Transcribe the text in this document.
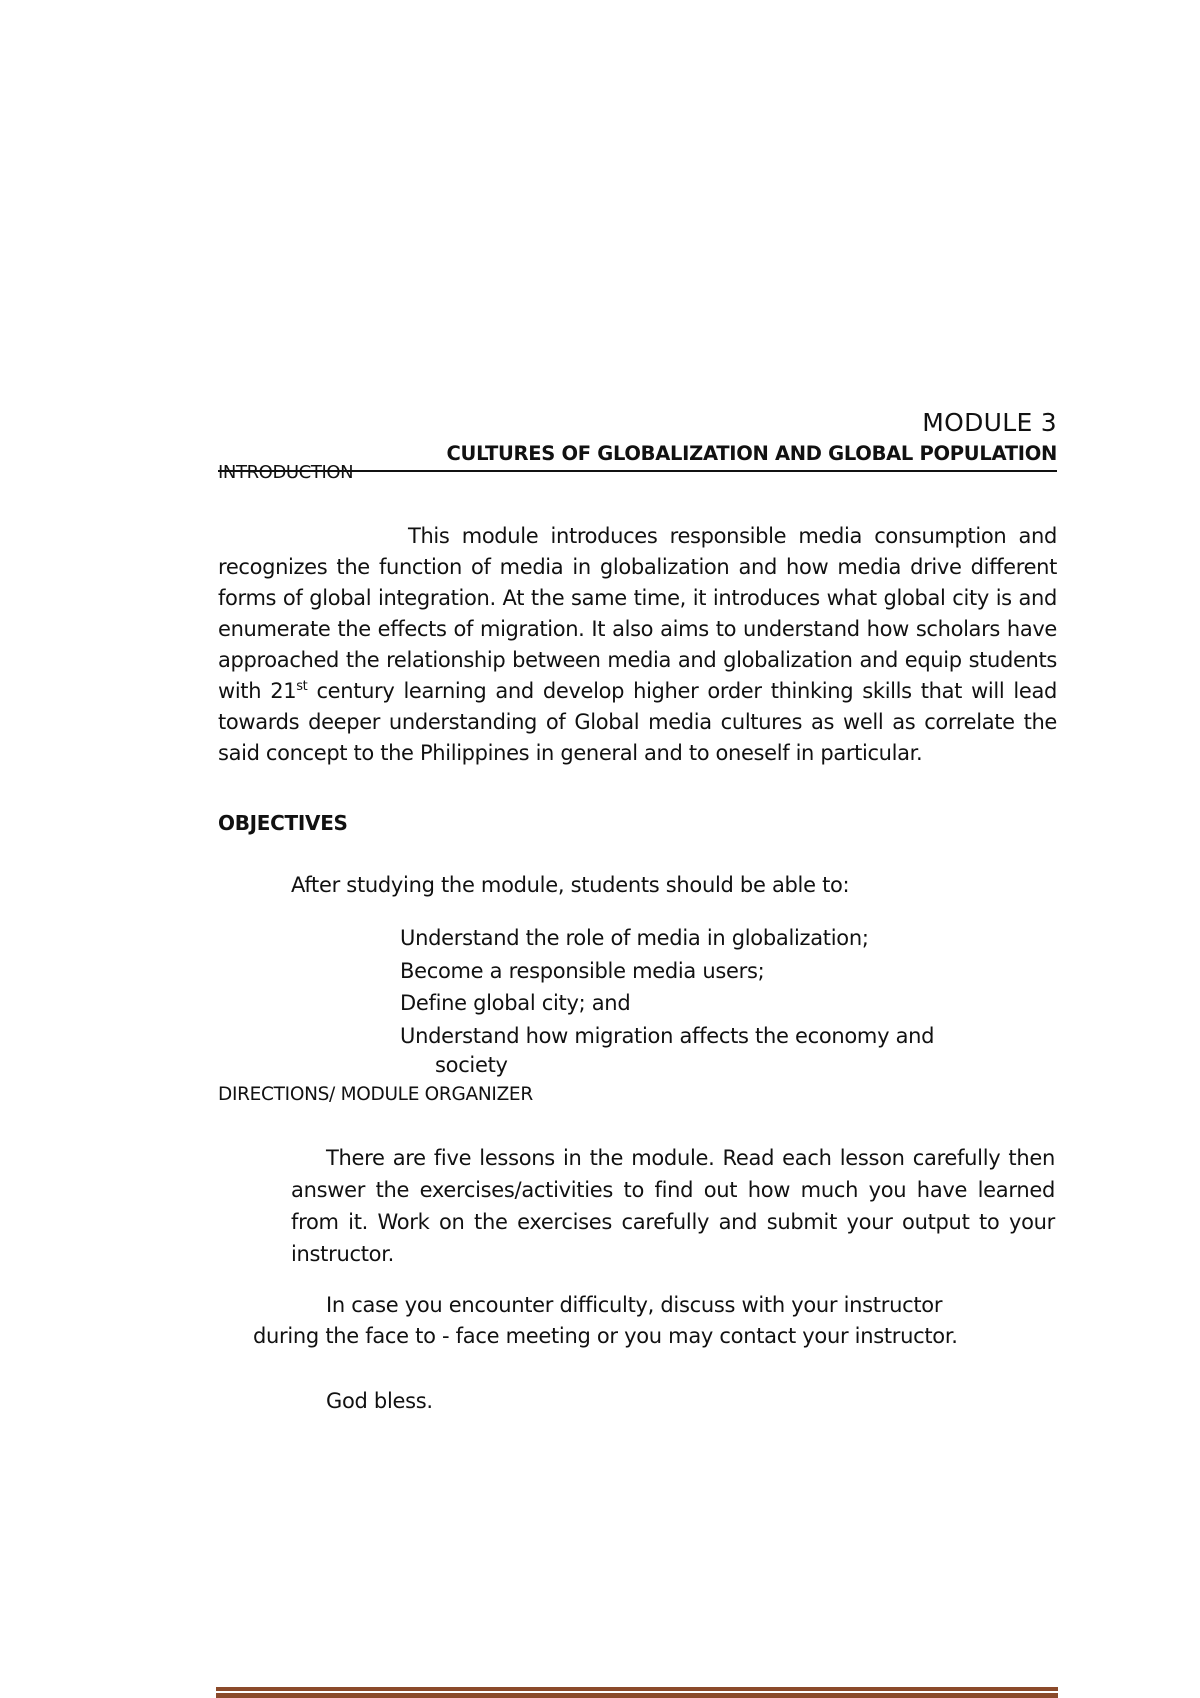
MODULE 3
CULTURES OF GLOBALIZATION AND GLOBAL POPULATION
INTRODUCTION
This module introduces responsible media consumption and recognizes the function of media in globalization and how media drive different forms of global integration. At the same time, it introduces what global city is and enumerate the effects of migration. It also aims to understand how scholars have approached the relationship between media and globalization and equip students with 21st century learning and develop higher order thinking skills that will lead towards deeper understanding of Global media cultures as well as correlate the said concept to the Philippines in general and to oneself in particular.
OBJECTIVES
After studying the module, students should be able to:
Understand the role of media in globalization;
Become a responsible media users;
Define global city; and
Understand how migration affects the economy and
society
DIRECTIONS/ MODULE ORGANIZER
There are five lessons in the module. Read each lesson carefully then answer the exercises/activities to find out how much you have learned from it. Work on the exercises carefully and submit your output to your instructor.
In case you encounter difficulty, discuss with your instructor
during the face to - face meeting or you may contact your instructor.
God bless.
